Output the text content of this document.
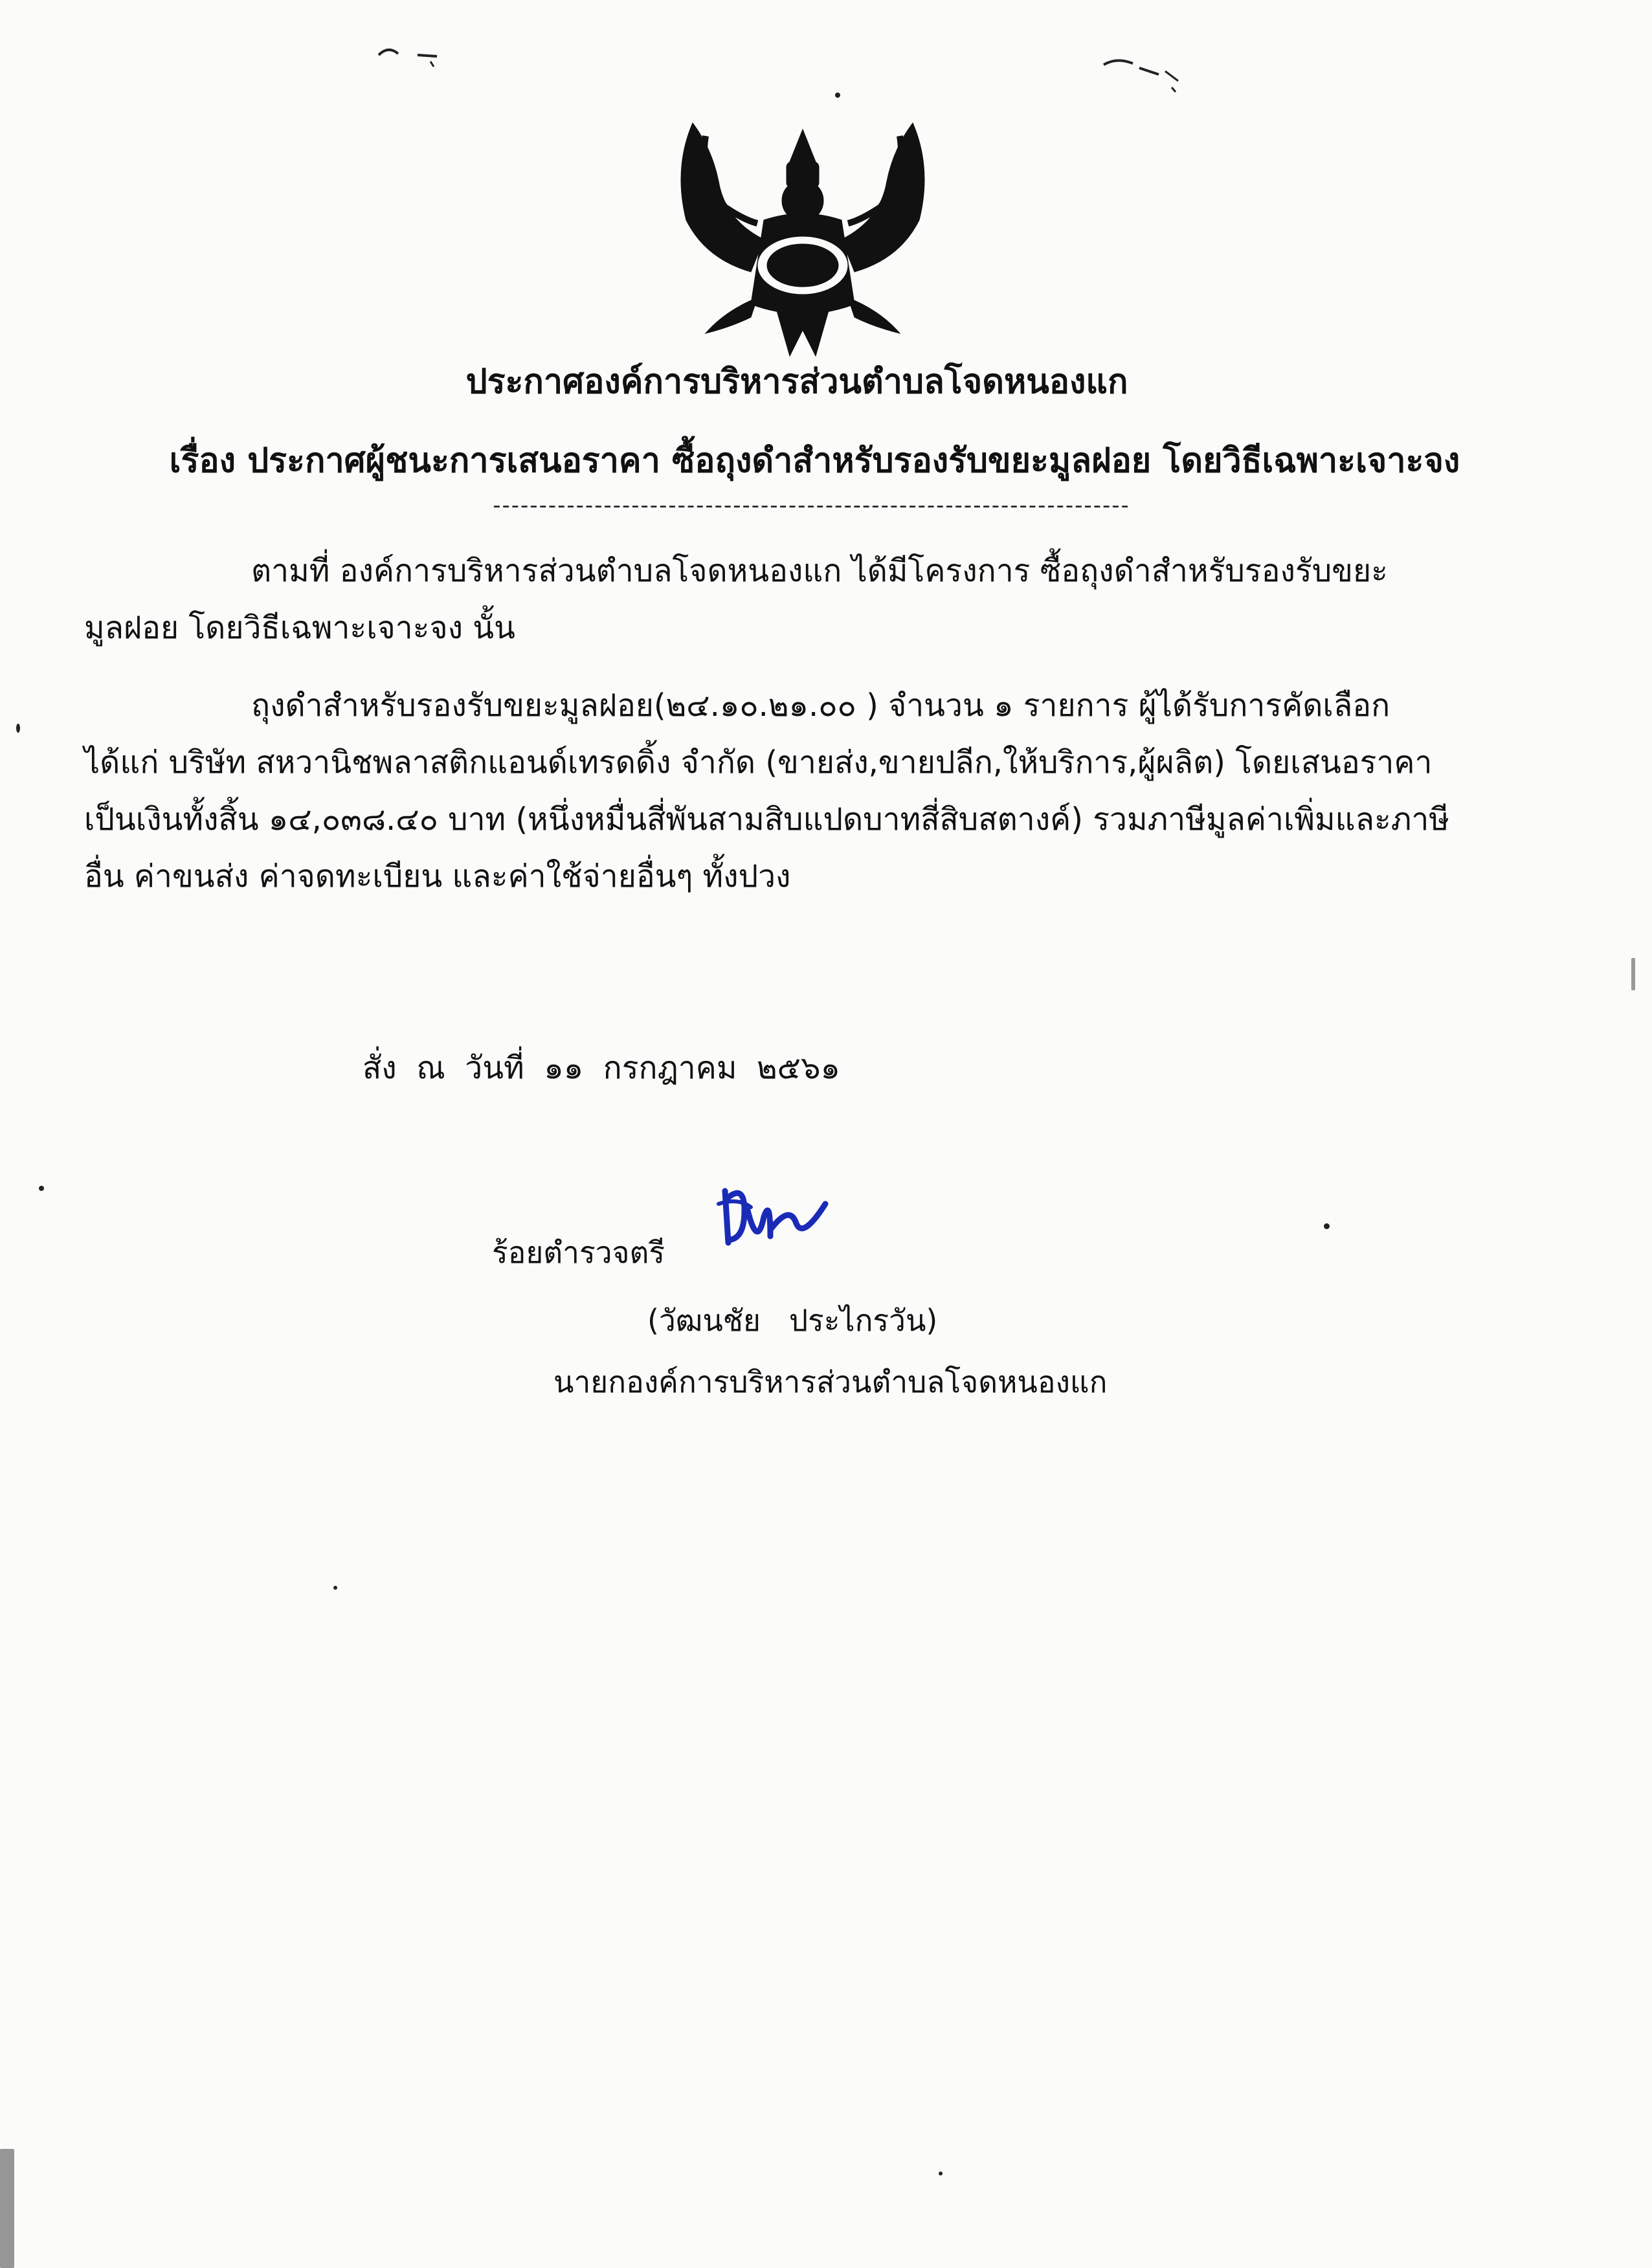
ประกาศองค์การบริหารส่วนตำบลโจดหนองแก
เรื่อง ประกาศผู้ชนะการเสนอราคา ซื้อถุงดำสำหรับรองรับขยะมูลฝอย โดยวิธีเฉพาะเจาะจง
---------------------------------------------------------------------

ตามที่ องค์การบริหารส่วนตำบลโจดหนองแก ได้มีโครงการ ซื้อถุงดำสำหรับรองรับขยะมูลฝอย โดยวิธีเฉพาะเจาะจง นั้น

ถุงดำสำหรับรองรับขยะมูลฝอย(๒๔.๑๐.๒๑.๐๐ ) จำนวน ๑ รายการ ผู้ได้รับการคัดเลือก ได้แก่ บริษัท สหวานิชพลาสติกแอนด์เทรดดิ้ง จำกัด (ขายส่ง,ขายปลีก,ให้บริการ,ผู้ผลิต) โดยเสนอราคา เป็นเงินทั้งสิ้น ๑๔,๐๓๘.๔๐ บาท (หนึ่งหมื่นสี่พันสามสิบแปดบาทสี่สิบสตางค์) รวมภาษีมูลค่าเพิ่มและภาษีอื่น ค่าขนส่ง ค่าจดทะเบียน และค่าใช้จ่ายอื่นๆ ทั้งปวง

สั่ง  ณ  วันที่  ๑๑  กรกฎาคม  ๒๕๖๑
ร้อยตำรวจตรี
(วัฒนชัย   ประไกรวัน)
นายกองค์การบริหารส่วนตำบลโจดหนองแก
